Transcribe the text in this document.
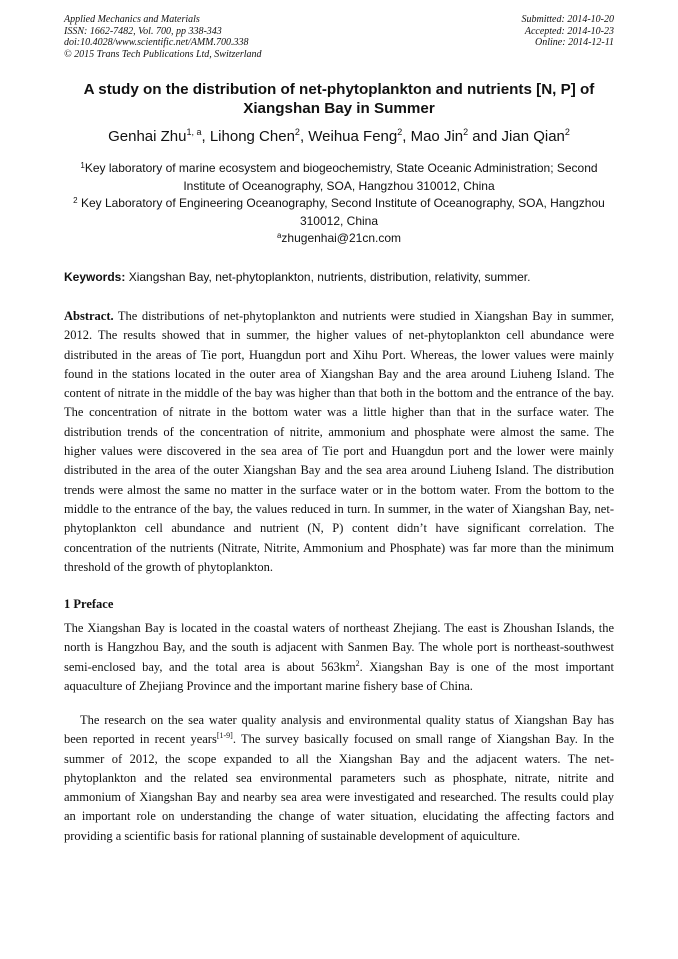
Applied Mechanics and Materials
ISSN: 1662-7482, Vol. 700, pp 338-343
doi:10.4028/www.scientific.net/AMM.700.338
© 2015 Trans Tech Publications Ltd, Switzerland
Submitted: 2014-10-20
Accepted: 2014-10-23
Online: 2014-12-11
A study on the distribution of net-phytoplankton and nutrients [N, P] of Xiangshan Bay in Summer
Genhai Zhu$^{1, a}$, Lihong Chen$^2$, Weihua Feng$^2$, Mao Jin$^2$ and Jian Qian$^2$
$^1$Key laboratory of marine ecosystem and biogeochemistry, State Oceanic Administration; Second Institute of Oceanography, SOA, Hangzhou 310012, China
$^2$ Key Laboratory of Engineering Oceanography, Second Institute of Oceanography, SOA, Hangzhou 310012, China
$^a$zhugenhai@21cn.com
Keywords: Xiangshan Bay, net-phytoplankton, nutrients, distribution, relativity, summer.
Abstract. The distributions of net-phytoplankton and nutrients were studied in Xiangshan Bay in summer, 2012. The results showed that in summer, the higher values of net-phytoplankton cell abundance were distributed in the areas of Tie port, Huangdun port and Xihu Port. Whereas, the lower values were mainly found in the stations located in the outer area of Xiangshan Bay and the area around Liuheng Island. The content of nitrate in the middle of the bay was higher than that both in the bottom and the entrance of the bay. The concentration of nitrate in the bottom water was a little higher than that in the surface water. The distribution trends of the concentration of nitrite, ammonium and phosphate were almost the same. The higher values were discovered in the sea area of Tie port and Huangdun port and the lower were mainly distributed in the area of the outer Xiangshan Bay and the sea area around Liuheng Island. The distribution trends were almost the same no matter in the surface water or in the bottom water. From the bottom to the middle to the entrance of the bay, the values reduced in turn. In summer, in the water of Xiangshan Bay, net-phytoplankton cell abundance and nutrient (N, P) content didn’t have significant correlation. The concentration of the nutrients (Nitrate, Nitrite, Ammonium and Phosphate) was far more than the minimum threshold of the growth of phytoplankton.
1 Preface
The Xiangshan Bay is located in the coastal waters of northeast Zhejiang. The east is Zhoushan Islands, the north is Hangzhou Bay, and the south is adjacent with Sanmen Bay. The whole port is northeast-southwest semi-enclosed bay, and the total area is about $563km^2$. Xiangshan Bay is one of the most important aquaculture of Zhejiang Province and the important marine fishery base of China.
The research on the sea water quality analysis and environmental quality status of Xiangshan Bay has been reported in recent years[1-9]. The survey basically focused on small range of Xiangshan Bay. In the summer of 2012, the scope expanded to all the Xiangshan Bay and the adjacent waters. The net-phytoplankton and the related sea environmental parameters such as phosphate, nitrate, nitrite and ammonium of Xiangshan Bay and nearby sea area were investigated and researched. The results could play an important role on understanding the change of water situation, elucidating the affecting factors and providing a scientific basis for rational planning of sustainable development of aquiculture.
